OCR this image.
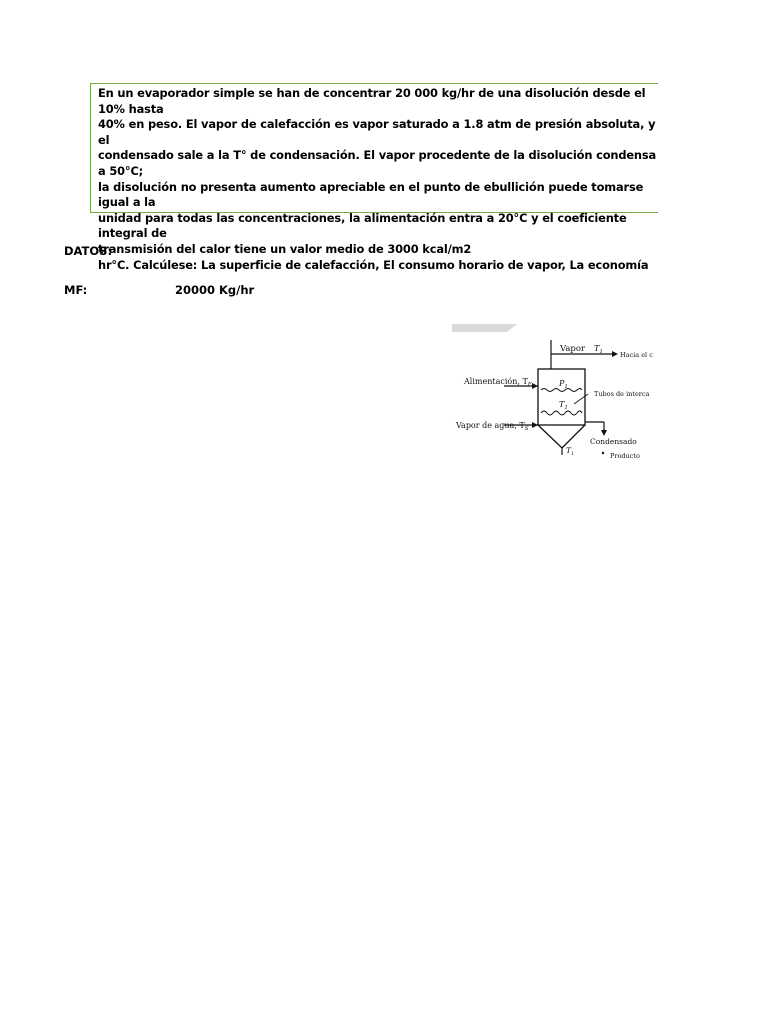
En un evaporador simple se han de concentrar 20 000 kg/hr de una disolución desde el 10% hasta
40% en peso. El vapor de calefacción es vapor saturado a 1.8 atm de presión absoluta, y el
condensado sale a la T° de condensación. El vapor procedente de la disolución condensa a 50°C;
la disolución no presenta aumento apreciable en el punto de ebullición puede tomarse igual a la
unidad para todas las concentraciones, la alimentación entra a 20°C y el coeficiente integral de
transmisión del calor tiene un valor medio de 3000 kcal/m2
hr°C. Calcúlese: La superficie de calefacción, El consumo horario de vapor, La economía
DATOS:
MF:	20000 Kg/hr
Vapor $T_1$	Hacia el c
$P_1$
$T_1$
Alimentación, $T_F$
Tubos de interca
Vapor de agua, $T_S$
Condensado
$T_1$	Producto
